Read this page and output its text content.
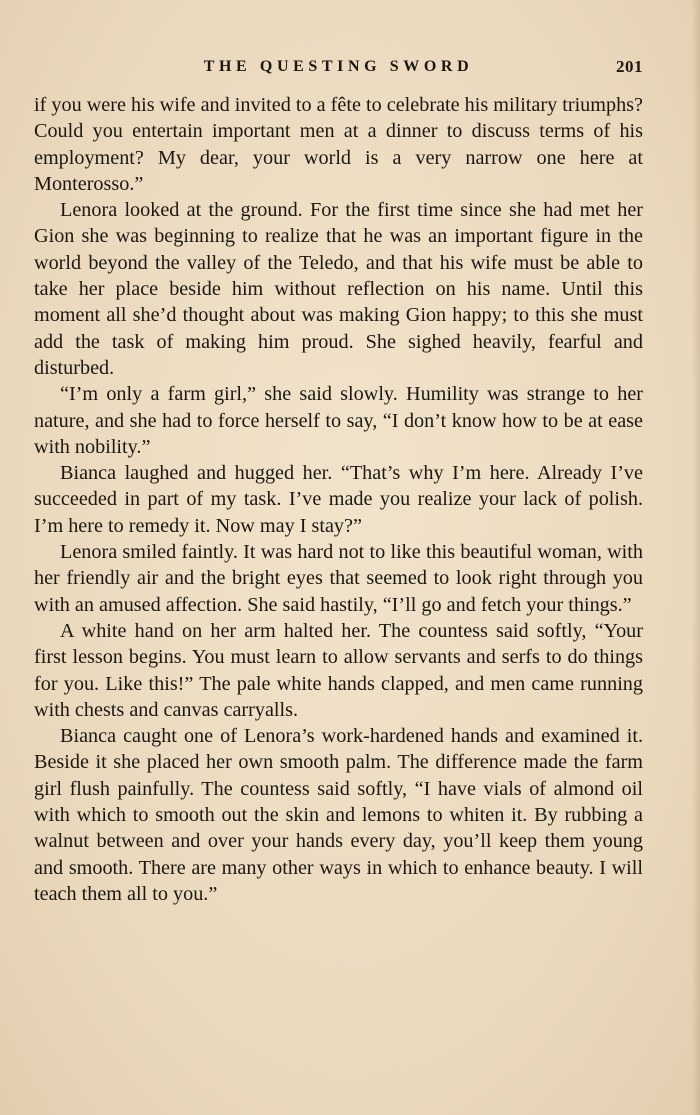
THE QUESTING SWORD	201

if you were his wife and invited to a fête to celebrate his military triumphs? Could you entertain important men at a dinner to discuss terms of his employment? My dear, your world is a very narrow one here at Monterosso.”

Lenora looked at the ground. For the first time since she had met her Gion she was beginning to realize that he was an important figure in the world beyond the valley of the Teledo, and that his wife must be able to take her place beside him without reflection on his name. Until this moment all she’d thought about was making Gion happy; to this she must add the task of making him proud. She sighed heavily, fearful and disturbed.

“I’m only a farm girl,” she said slowly. Humility was strange to her nature, and she had to force herself to say, “I don’t know how to be at ease with nobility.”

Bianca laughed and hugged her. “That’s why I’m here. Already I’ve succeeded in part of my task. I’ve made you realize your lack of polish. I’m here to remedy it. Now may I stay?”

Lenora smiled faintly. It was hard not to like this beautiful woman, with her friendly air and the bright eyes that seemed to look right through you with an amused affection. She said hastily, “I’ll go and fetch your things.”

A white hand on her arm halted her. The countess said softly, “Your first lesson begins. You must learn to allow servants and serfs to do things for you. Like this!” The pale white hands clapped, and men came running with chests and canvas carryalls.

Bianca caught one of Lenora’s work-hardened hands and examined it. Beside it she placed her own smooth palm. The difference made the farm girl flush painfully. The countess said softly, “I have vials of almond oil with which to smooth out the skin and lemons to whiten it. By rubbing a walnut between and over your hands every day, you’ll keep them young and smooth. There are many other ways in which to enhance beauty. I will teach them all to you.”
